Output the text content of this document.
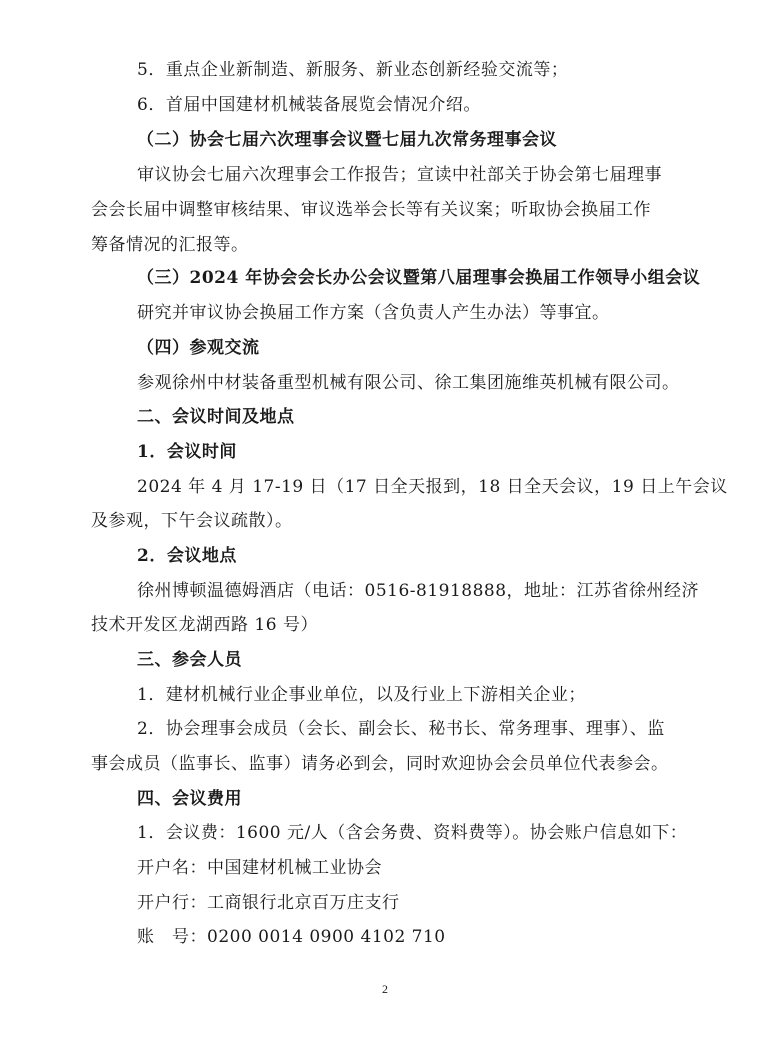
5．重点企业新制造、新服务、新业态创新经验交流等；
6．首届中国建材机械装备展览会情况介绍。
（二）协会七届六次理事会议暨七届九次常务理事会议
审议协会七届六次理事会工作报告；宣读中社部关于协会第七届理事
会会长届中调整审核结果、审议选举会长等有关议案；听取协会换届工作
筹备情况的汇报等。
（三）2024 年协会会长办公会议暨第八届理事会换届工作领导小组会议
研究并审议协会换届工作方案（含负责人产生办法）等事宜。
（四）参观交流
参观徐州中材装备重型机械有限公司、徐工集团施维英机械有限公司。
二、会议时间及地点
1．会议时间
2024 年 4 月 17-19 日（17 日全天报到，18 日全天会议，19 日上午会议
及参观，下午会议疏散）。
2．会议地点
徐州博顿温德姆酒店（电话：0516-81918888，地址：江苏省徐州经济
技术开发区龙湖西路 16 号）
三、参会人员
1．建材机械行业企事业单位，以及行业上下游相关企业；
2．协会理事会成员（会长、副会长、秘书长、常务理事、理事）、监
事会成员（监事长、监事）请务必到会，同时欢迎协会会员单位代表参会。
四、会议费用
1．会议费：1600 元/人（含会务费、资料费等）。协会账户信息如下：
开户名：中国建材机械工业协会
开户行：工商银行北京百万庄支行
账　号：0200 0014 0900 4102 710
2
